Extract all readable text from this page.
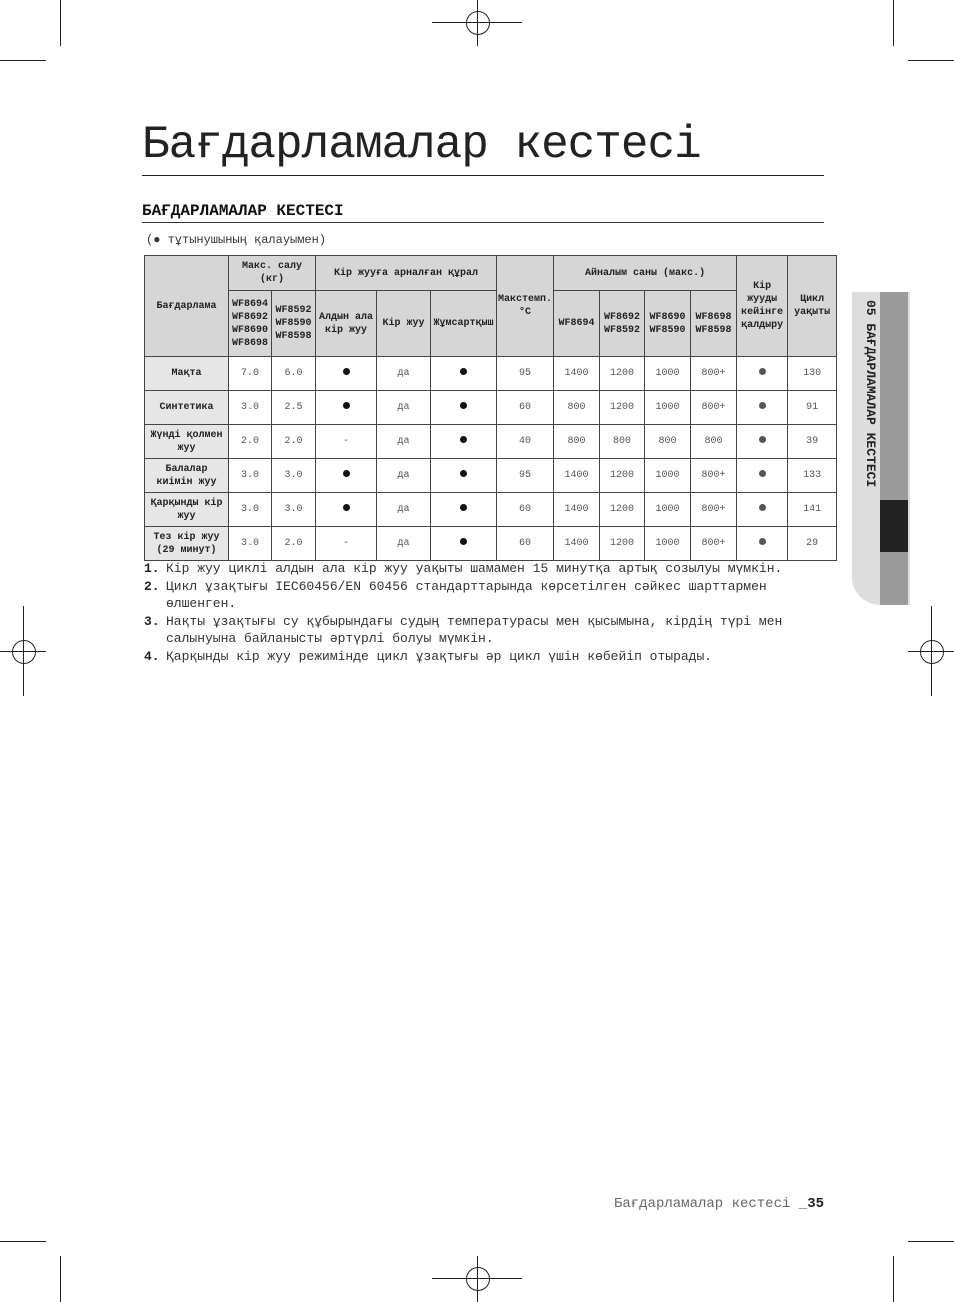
05 БАҒДАРЛАМАЛАР КЕСТЕСІ
Бағдарламалар кестесі
БАҒДАРЛАМАЛАР КЕСТЕСІ
(● тұтынушының қалауымен)
Бағдарлама	Макс. салу (кг)		Кір жууға арналған құрал			Макстемп. °C	Айналым саны (макс.)				Кір жууды кейінге қалдыру	Цикл уақыты
	WF8694 WF8692 WF8690 WF8698	WF8592 WF8590 WF8598	Алдын ала кір жуу	Кір жуу	Жұмсартқыш		WF8694	WF8692 WF8592	WF8690 WF8590	WF8698 WF8598		
Мақта	7.0	6.0		да		95	1400	1200	1000	800+		130
Синтетика	3.0	2.5		да		60	800	1200	1000	800+		91
Жүнді қолмен жуу	2.0	2.0	-	да		40	800	800	800	800		39
Балалар киімін жуу	3.0	3.0		да		95	1400	1200	1000	800+		133
Қарқынды кір жуу	3.0	3.0		да		60	1400	1200	1000	800+		141
Тез кір жуу (29 минут)	3.0	2.0	-	да		60	1400	1200	1000	800+		29
1. Кір жуу циклі алдын ала кір жуу уақыты шамамен 15 минутқа артық созылуы мүмкін.
2. Цикл ұзақтығы IEC60456/EN 60456 стандарттарында көрсетілген сәйкес шарттармен өлшенген.
3. Нақты ұзақтығы су құбырындағы судың температурасы мен қысымына, кірдің түрі мен салынуына байланысты әртүрлі болуы мүмкін.
4. Қарқынды кір жуу режимінде цикл ұзақтығы әр цикл үшін көбейіп отырады.
Бағдарламалар кестесі _35
